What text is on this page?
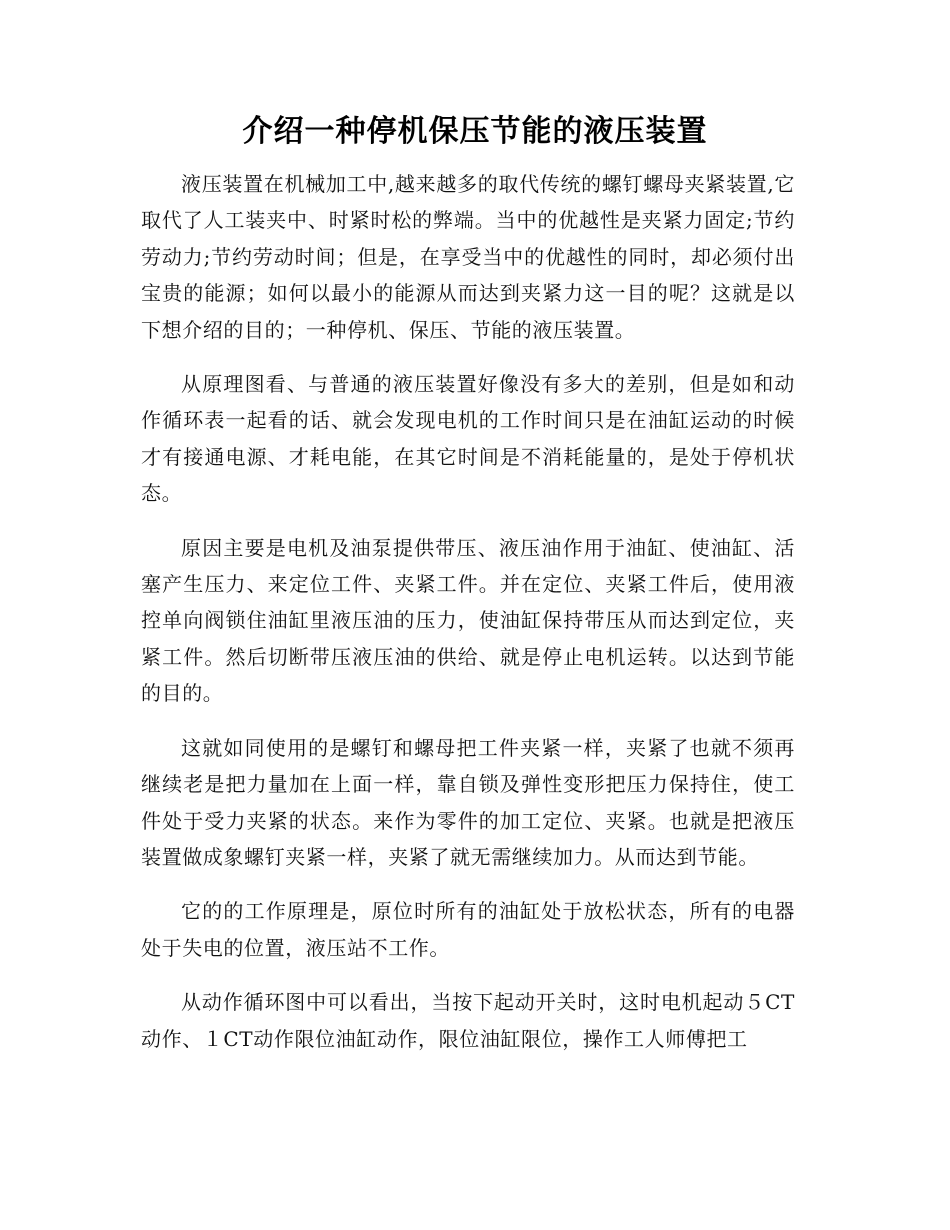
介绍一种停机保压节能的液压装置

液压装置在机械加工中,越来越多的取代传统的螺钉螺母夹紧装置,它取代了人工装夹中、时紧时松的弊端。当中的优越性是夹紧力固定;节约劳动力;节约劳动时间；但是，在享受当中的优越性的同时，却必须付出宝贵的能源；如何以最小的能源从而达到夹紧力这一目的呢？这就是以下想介绍的目的；一种停机、保压、节能的液压装置。

从原理图看、与普通的液压装置好像没有多大的差别，但是如和动作循环表一起看的话、就会发现电机的工作时间只是在油缸运动的时候才有接通电源、才耗电能，在其它时间是不消耗能量的，是处于停机状态。

原因主要是电机及油泵提供带压、液压油作用于油缸、使油缸、活塞产生压力、来定位工件、夹紧工件。并在定位、夹紧工件后，使用液控单向阀锁住油缸里液压油的压力，使油缸保持带压从而达到定位，夹紧工件。然后切断带压液压油的供给、就是停止电机运转。以达到节能的目的。

这就如同使用的是螺钉和螺母把工件夹紧一样，夹紧了也就不须再继续老是把力量加在上面一样，靠自锁及弹性变形把压力保持住，使工件处于受力夹紧的状态。来作为零件的加工定位、夹紧。也就是把液压装置做成象螺钉夹紧一样，夹紧了就无需继续加力。从而达到节能。

它的的工作原理是，原位时所有的油缸处于放松状态，所有的电器处于失电的位置，液压站不工作。

从动作循环图中可以看出，当按下起动开关时，这时电机起动５CT动作、１CT动作限位油缸动作，限位油缸限位，操作工人师傅把工
